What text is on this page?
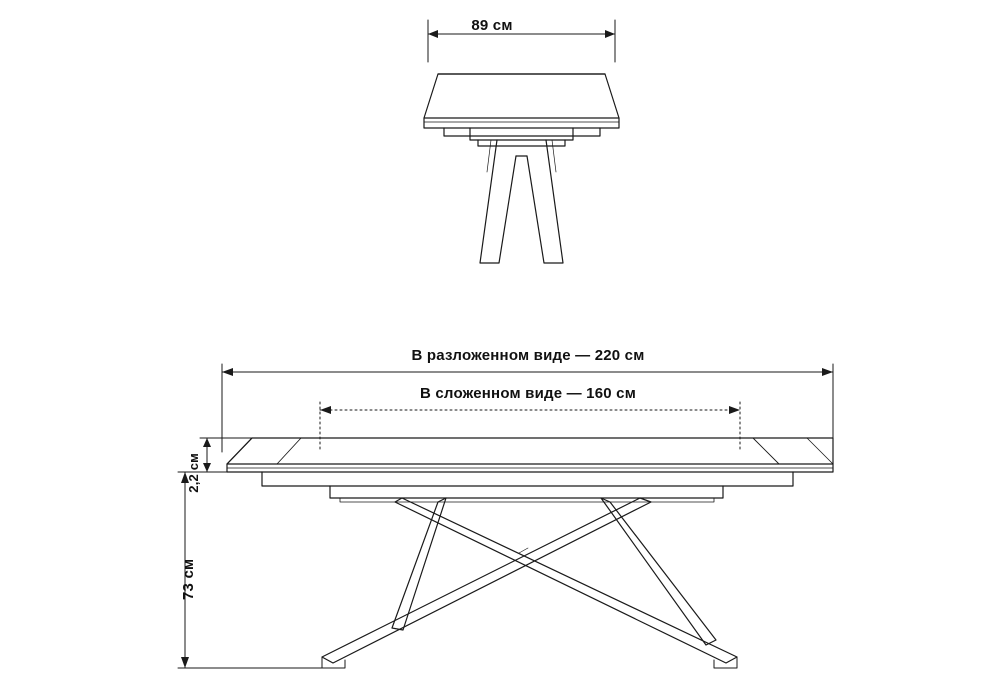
89 см
В разложенном виде — 220 см
В сложенном виде — 160 см
2,2 см
73 см
